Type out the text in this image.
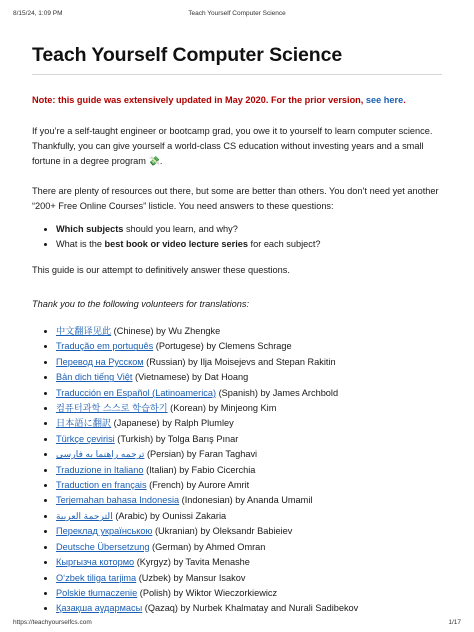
8/15/24, 1:09 PM	Teach Yourself Computer Science
Teach Yourself Computer Science
Note: this guide was extensively updated in May 2020. For the prior version, see here.

If you’re a self-taught engineer or bootcamp grad, you owe it to yourself to learn computer science. Thankfully, you can give yourself a world-class CS education without investing years and a small fortune in a degree program 💸.

There are plenty of resources out there, but some are better than others. You don’t need yet another “200+ Free Online Courses” listicle. You need answers to these questions:

• Which subjects should you learn, and why?
• What is the best book or video lecture series for each subject?

This guide is our attempt to definitively answer these questions.

Thank you to the following volunteers for translations:

• 中文翻译见此 (Chinese) by Wu Zhengke
• Tradução em português (Portugese) by Clemens Schrage
• Перевод на Русском (Russian) by Ilja Moisejevs and Stepan Rakitin
• Bản dịch tiếng Việt (Vietnamese) by Dat Hoang
• Traducción en Español (Latinoamerica) (Spanish) by James Archbold
• 컴퓨터과학 스스로 학습하기 (Korean) by Minjeong Kim
• 日本語に翻訳 (Japanese) by Ralph Plumley
• Türkçe çevirisi (Turkish) by Tolga Barış Pınar
• ترجمه راهنما به فارسی (Persian) by Faran Taghavi
• Traduzione in Italiano (Italian) by Fabio Cicerchia
• Traduction en français (French) by Aurore Amrit
• Terjemahan bahasa Indonesia (Indonesian) by Ananda Umamil
• الترجمة العربية (Arabic) by Ounissi Zakaria
• Переклад українською (Ukranian) by Oleksandr Babieiev
• Deutsche Übersetzung (German) by Ahmed Omran
• Кыргызча котормо (Kyrgyz) by Tavita Menashe
• O‘zbek tiliga tarjima (Uzbek) by Mansur Isakov
• Polskie tłumaczenie (Polish) by Wiktor Wieczorkiewicz
• Қазақша аудармасы (Qazaq) by Nurbek Khalmatay and Nurali Sadibekov
https://teachyourselfcs.com	1/17
